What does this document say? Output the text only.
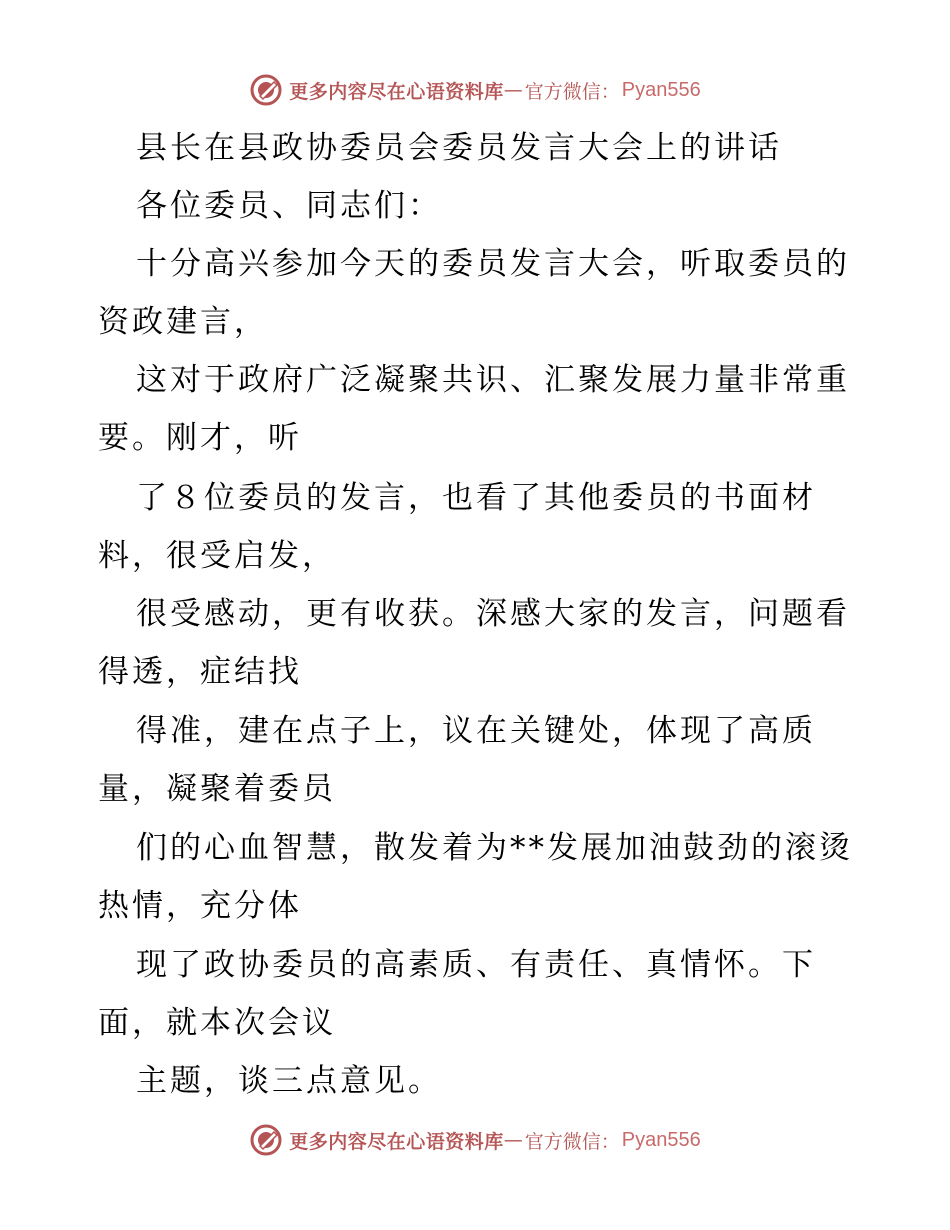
更多内容尽在心语资料库 — 官方微信： Pyan556
县长在县政协委员会委员发言大会上的讲话
各位委员、同志们：
十分高兴参加今天的委员发言大会，听取委员的
资政建言，
这对于政府广泛凝聚共识、汇聚发展力量非常重
要。刚才，听
了８位委员的发言，也看了其他委员的书面材
料，很受启发，
很受感动，更有收获。深感大家的发言，问题看
得透，症结找
得准，建在点子上，议在关键处，体现了高质
量，凝聚着委员
们的心血智慧，散发着为**发展加油鼓劲的滚烫
热情，充分体
现了政协委员的高素质、有责任、真情怀。下
面，就本次会议
主题，谈三点意见。
更多内容尽在心语资料库 — 官方微信： Pyan556
